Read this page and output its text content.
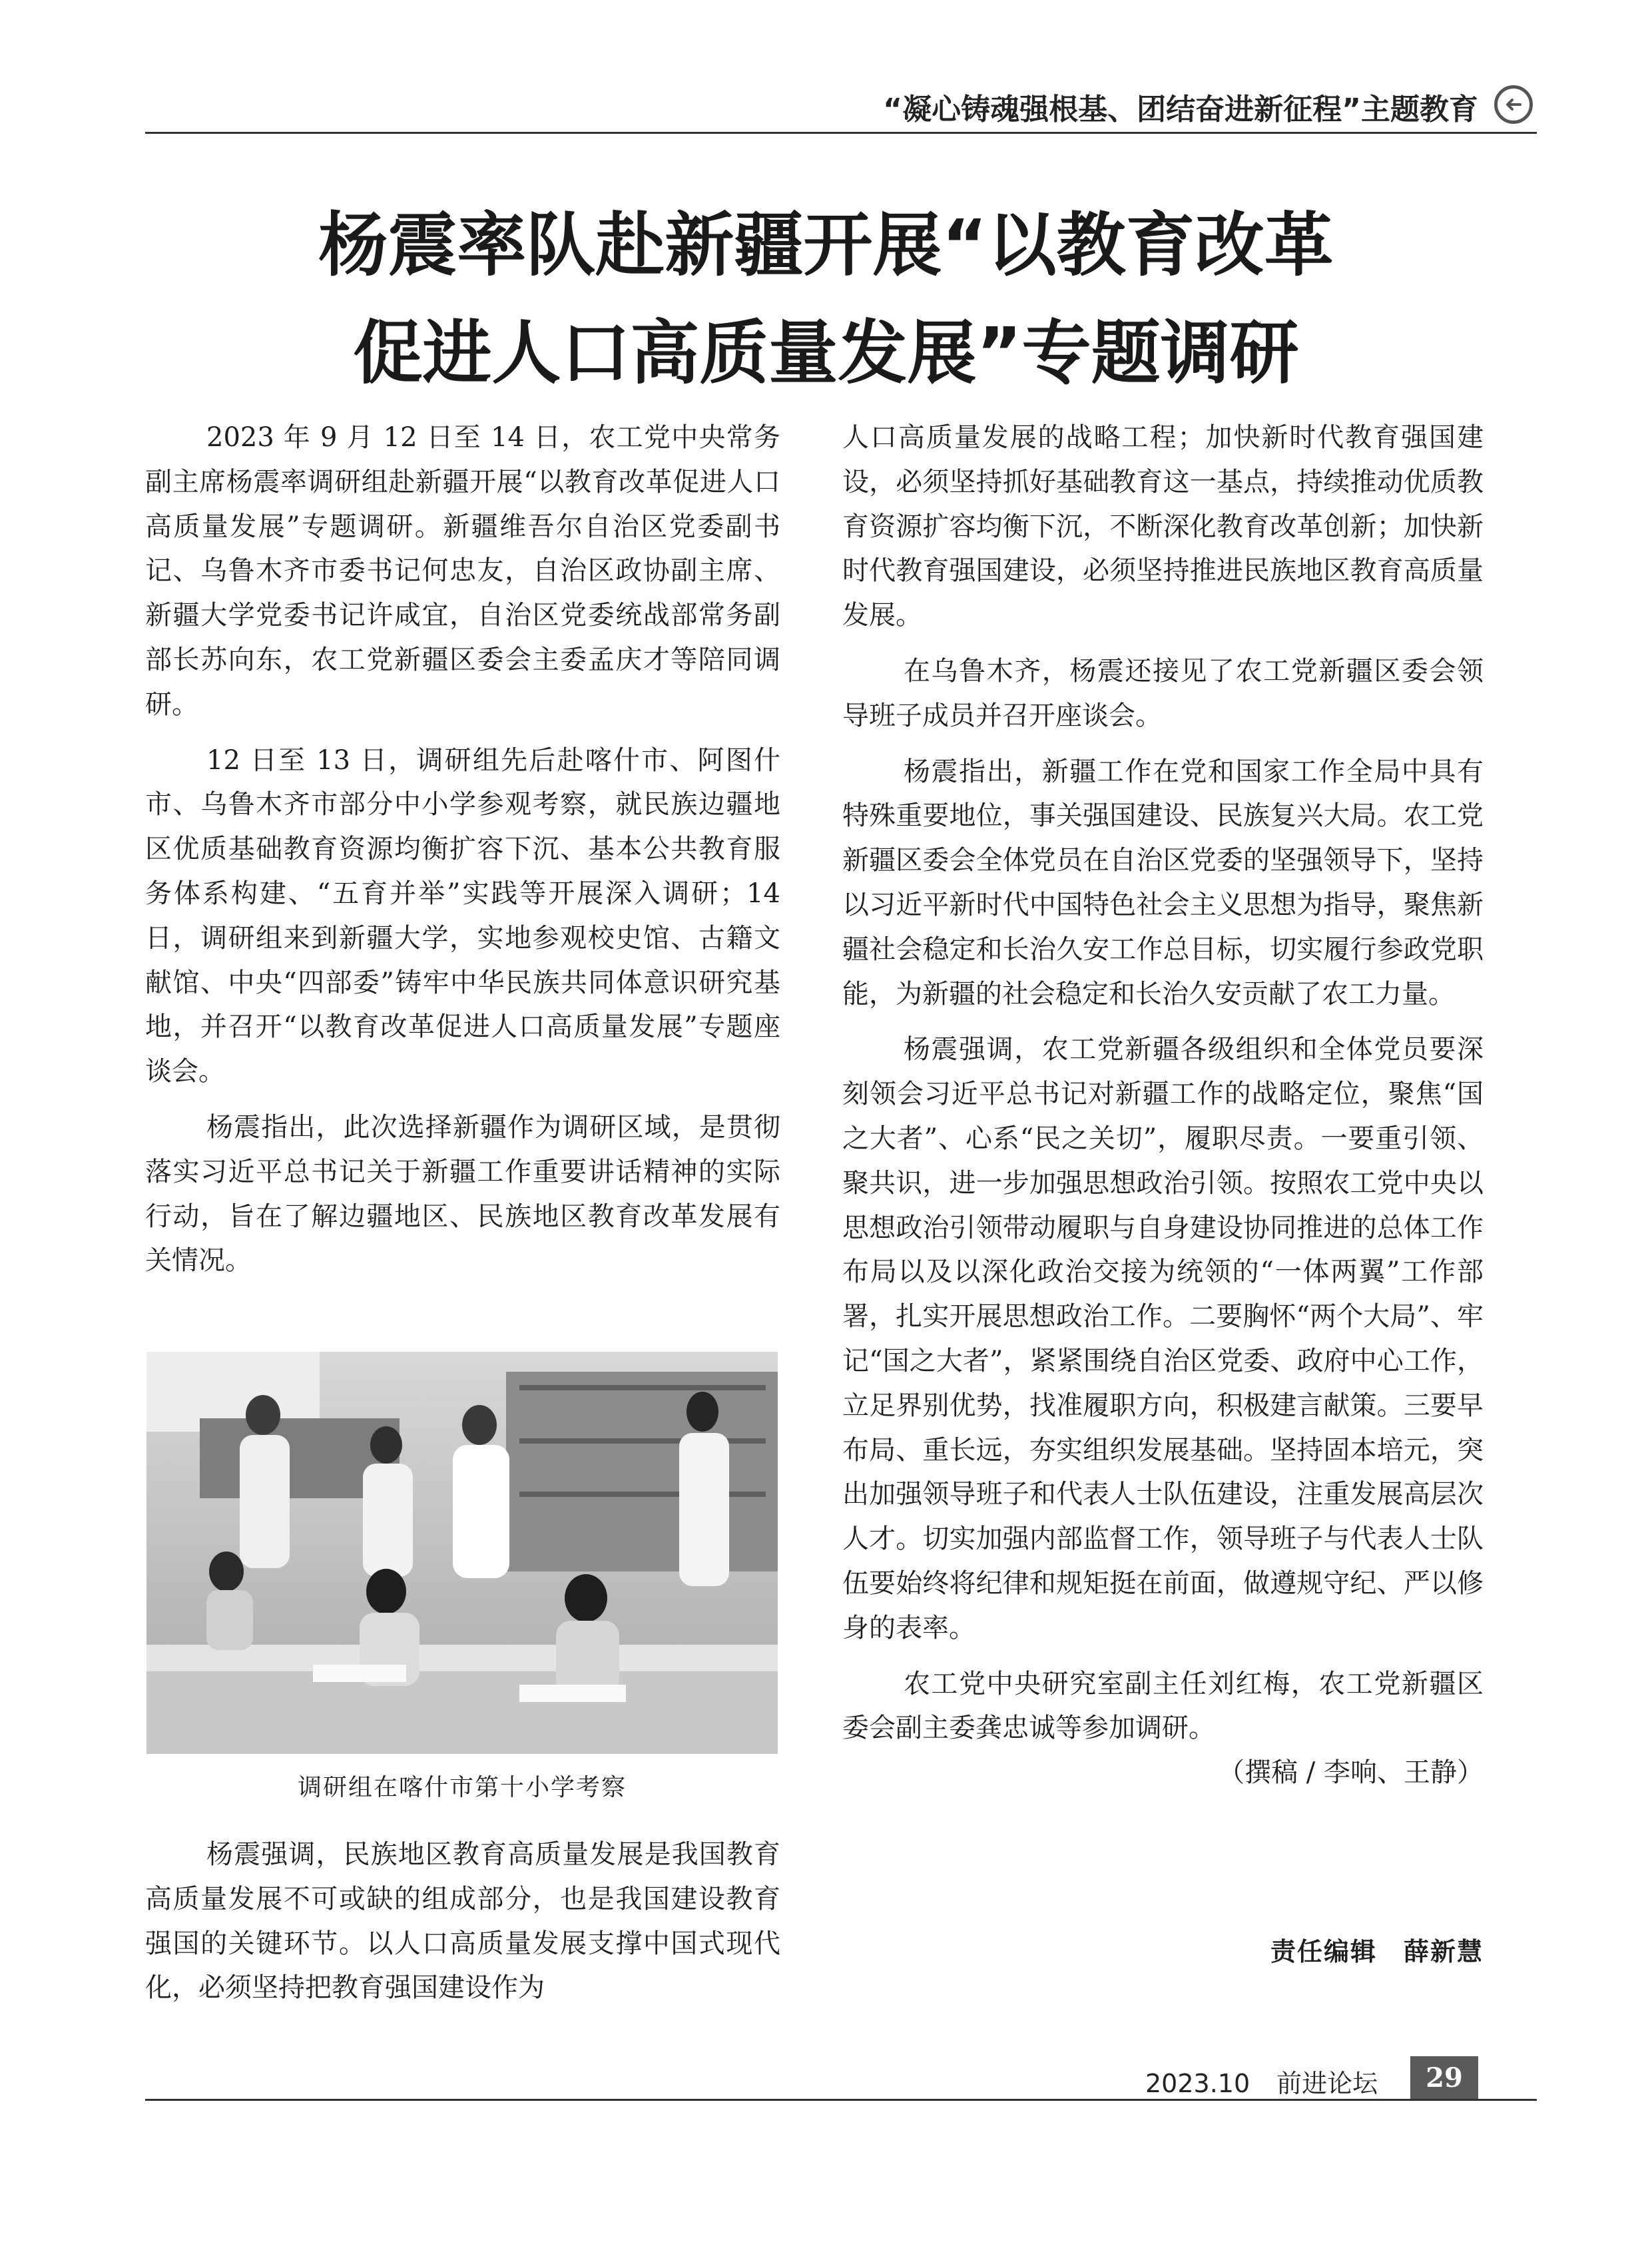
“凝心铸魂强根基、团结奋进新征程”主题教育
杨震率队赴新疆开展“以教育改革
促进人口高质量发展”专题调研

2023 年 9 月 12 日至 14 日，农工党中央常务副主席杨震率调研组赴新疆开展“以教育改革促进人口高质量发展”专题调研。新疆维吾尔自治区党委副书记、乌鲁木齐市委书记何忠友，自治区政协副主席、新疆大学党委书记许咸宜，自治区党委统战部常务副部长苏向东，农工党新疆区委会主委孟庆才等陪同调研。

12 日至 13 日，调研组先后赴喀什市、阿图什市、乌鲁木齐市部分中小学参观考察，就民族边疆地区优质基础教育资源均衡扩容下沉、基本公共教育服务体系构建、“五育并举”实践等开展深入调研；14 日，调研组来到新疆大学，实地参观校史馆、古籍文献馆、中央“四部委”铸牢中华民族共同体意识研究基地，并召开“以教育改革促进人口高质量发展”专题座谈会。

杨震指出，此次选择新疆作为调研区域，是贯彻落实习近平总书记关于新疆工作重要讲话精神的实际行动，旨在了解边疆地区、民族地区教育改革发展有关情况。

调研组在喀什市第十小学考察

杨震强调，民族地区教育高质量发展是我国教育高质量发展不可或缺的组成部分，也是我国建设教育强国的关键环节。以人口高质量发展支撑中国式现代化，必须坚持把教育强国建设作为

人口高质量发展的战略工程；加快新时代教育强国建设，必须坚持抓好基础教育这一基点，持续推动优质教育资源扩容均衡下沉，不断深化教育改革创新；加快新时代教育强国建设，必须坚持推进民族地区教育高质量发展。

在乌鲁木齐，杨震还接见了农工党新疆区委会领导班子成员并召开座谈会。

杨震指出，新疆工作在党和国家工作全局中具有特殊重要地位，事关强国建设、民族复兴大局。农工党新疆区委会全体党员在自治区党委的坚强领导下，坚持以习近平新时代中国特色社会主义思想为指导，聚焦新疆社会稳定和长治久安工作总目标，切实履行参政党职能，为新疆的社会稳定和长治久安贡献了农工力量。

杨震强调，农工党新疆各级组织和全体党员要深刻领会习近平总书记对新疆工作的战略定位，聚焦“国之大者”、心系“民之关切”，履职尽责。一要重引领、聚共识，进一步加强思想政治引领。按照农工党中央以思想政治引领带动履职与自身建设协同推进的总体工作布局以及以深化政治交接为统领的“一体两翼”工作部署，扎实开展思想政治工作。二要胸怀“两个大局”、牢记“国之大者”，紧紧围绕自治区党委、政府中心工作，立足界别优势，找准履职方向，积极建言献策。三要早布局、重长远，夯实组织发展基础。坚持固本培元，突出加强领导班子和代表人士队伍建设，注重发展高层次人才。切实加强内部监督工作，领导班子与代表人士队伍要始终将纪律和规矩挺在前面，做遵规守纪、严以修身的表率。

农工党中央研究室副主任刘红梅，农工党新疆区委会副主委龚忠诚等参加调研。

（撰稿 / 李响、王静）
责任编辑　薛新慧
2023.10 前进论坛	29
